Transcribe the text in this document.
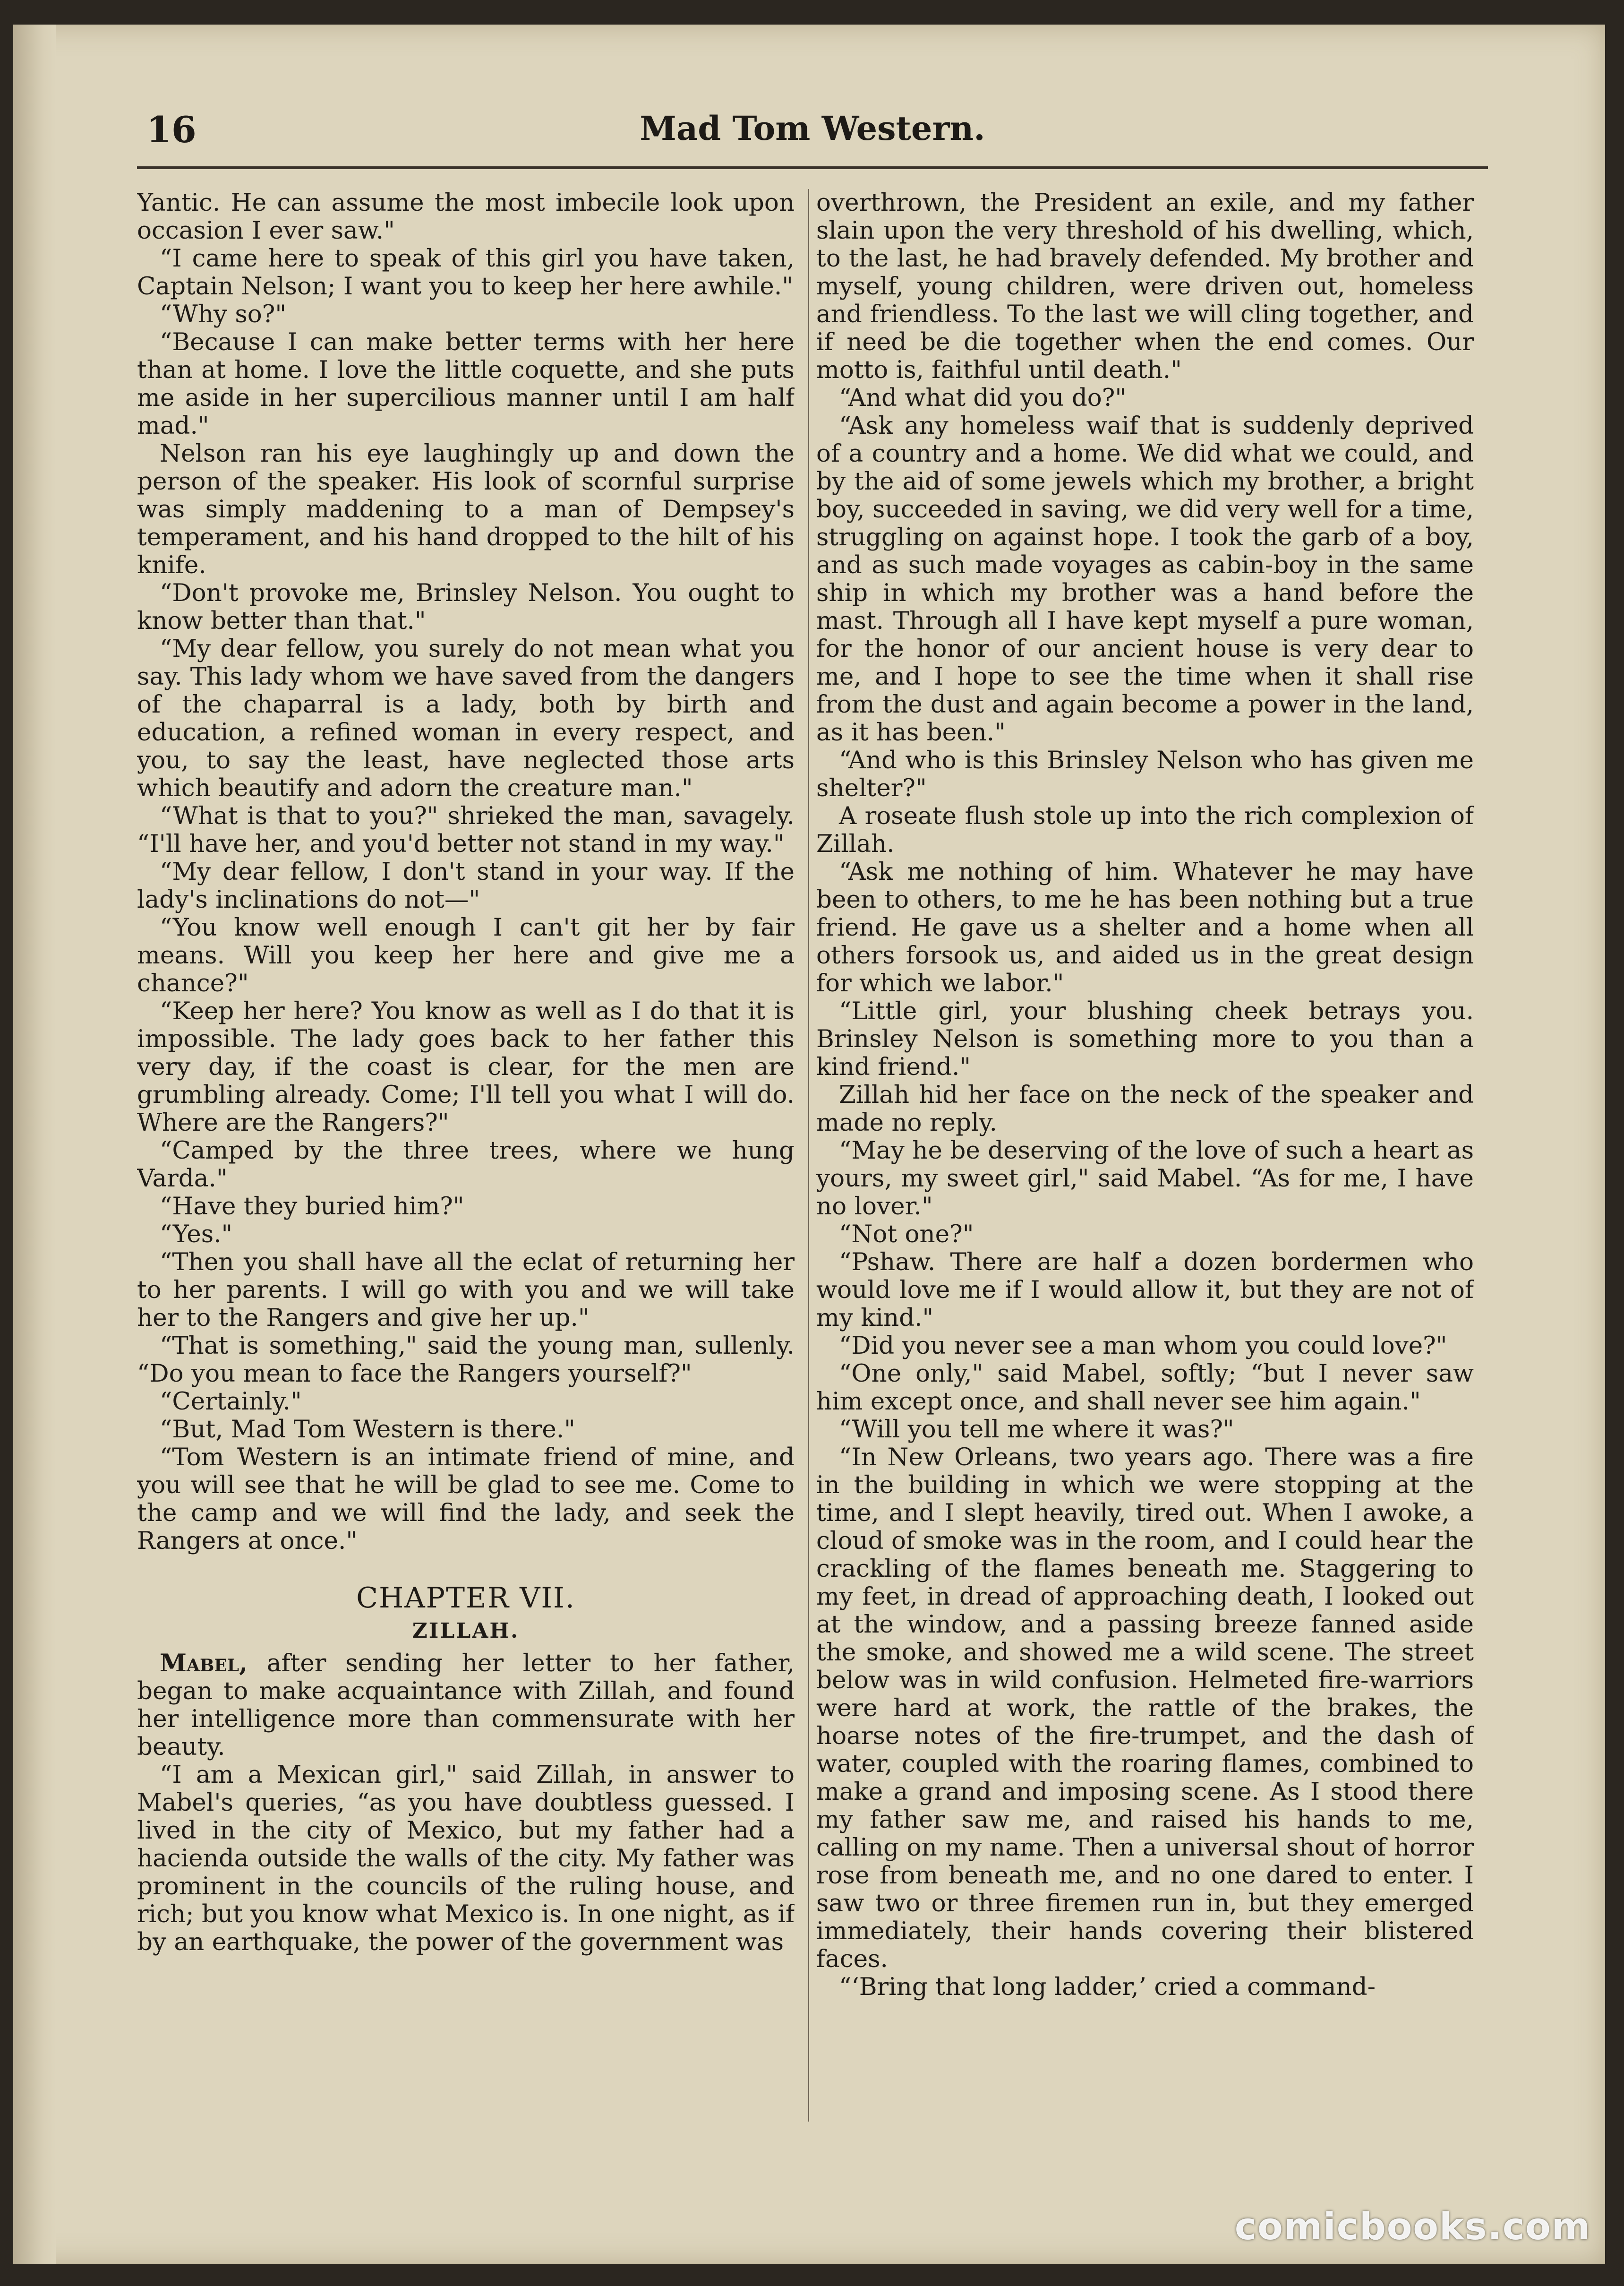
16	Mad Tom Western.

Yantic. He can assume the most imbecile look upon occasion I ever saw."

“I came here to speak of this girl you have taken, Captain Nelson; I want you to keep her here awhile."

“Why so?"

“Because I can make better terms with her here than at home. I love the little coquette, and she puts me aside in her supercilious manner until I am half mad."

Nelson ran his eye laughingly up and down the person of the speaker. His look of scornful surprise was simply maddening to a man of Dempsey's temperament, and his hand dropped to the hilt of his knife.

“Don't provoke me, Brinsley Nelson. You ought to know better than that."

“My dear fellow, you surely do not mean what you say. This lady whom we have saved from the dangers of the chaparral is a lady, both by birth and education, a refined woman in every respect, and you, to say the least, have neglected those arts which beautify and adorn the creature man."

“What is that to you?" shrieked the man, savagely. “I'll have her, and you'd better not stand in my way."

“My dear fellow, I don't stand in your way. If the lady's inclinations do not—"

“You know well enough I can't git her by fair means. Will you keep her here and give me a chance?"

“Keep her here? You know as well as I do that it is impossible. The lady goes back to her father this very day, if the coast is clear, for the men are grumbling already. Come; I'll tell you what I will do. Where are the Rangers?"

“Camped by the three trees, where we hung Varda."

“Have they buried him?"

“Yes."

“Then you shall have all the eclat of returning her to her parents. I will go with you and we will take her to the Rangers and give her up."

“That is something," said the young man, sullenly. “Do you mean to face the Rangers yourself?"

“Certainly."

“But, Mad Tom Western is there."

“Tom Western is an intimate friend of mine, and you will see that he will be glad to see me. Come to the camp and we will find the lady, and seek the Rangers at once."

CHAPTER VII.
ZILLAH.

Mabel, after sending her letter to her father, began to make acquaintance with Zillah, and found her intelligence more than commensurate with her beauty.

“I am a Mexican girl," said Zillah, in answer to Mabel's queries, “as you have doubtless guessed. I lived in the city of Mexico, but my father had a hacienda outside the walls of the city. My father was prominent in the councils of the ruling house, and rich; but you know what Mexico is. In one night, as if by an earthquake, the power of the government was

overthrown, the President an exile, and my father slain upon the very threshold of his dwelling, which, to the last, he had bravely defended. My brother and myself, young children, were driven out, homeless and friendless. To the last we will cling together, and if need be die together when the end comes. Our motto is, faithful until death."

“And what did you do?"

“Ask any homeless waif that is suddenly deprived of a country and a home. We did what we could, and by the aid of some jewels which my brother, a bright boy, succeeded in saving, we did very well for a time, struggling on against hope. I took the garb of a boy, and as such made voyages as cabin-boy in the same ship in which my brother was a hand before the mast. Through all I have kept myself a pure woman, for the honor of our ancient house is very dear to me, and I hope to see the time when it shall rise from the dust and again become a power in the land, as it has been."

“And who is this Brinsley Nelson who has given me shelter?"

A roseate flush stole up into the rich complexion of Zillah.

“Ask me nothing of him. Whatever he may have been to others, to me he has been nothing but a true friend. He gave us a shelter and a home when all others forsook us, and aided us in the great design for which we labor."

“Little girl, your blushing cheek betrays you. Brinsley Nelson is something more to you than a kind friend."

Zillah hid her face on the neck of the speaker and made no reply.

“May he be deserving of the love of such a heart as yours, my sweet girl," said Mabel. “As for me, I have no lover."

“Not one?"

“Pshaw. There are half a dozen bordermen who would love me if I would allow it, but they are not of my kind."

“Did you never see a man whom you could love?"

“One only," said Mabel, softly; “but I never saw him except once, and shall never see him again."

“Will you tell me where it was?"

“In New Orleans, two years ago. There was a fire in the building in which we were stopping at the time, and I slept heavily, tired out. When I awoke, a cloud of smoke was in the room, and I could hear the crackling of the flames beneath me. Staggering to my feet, in dread of approaching death, I looked out at the window, and a passing breeze fanned aside the smoke, and showed me a wild scene. The street below was in wild confusion. Helmeted fire-warriors were hard at work, the rattle of the brakes, the hoarse notes of the fire-trumpet, and the dash of water, coupled with the roaring flames, combined to make a grand and imposing scene. As I stood there my father saw me, and raised his hands to me, calling on my name. Then a universal shout of horror rose from beneath me, and no one dared to enter. I saw two or three firemen run in, but they emerged immediately, their hands covering their blistered faces.

“‘Bring that long ladder,’ cried a command-

comicbooks.com
